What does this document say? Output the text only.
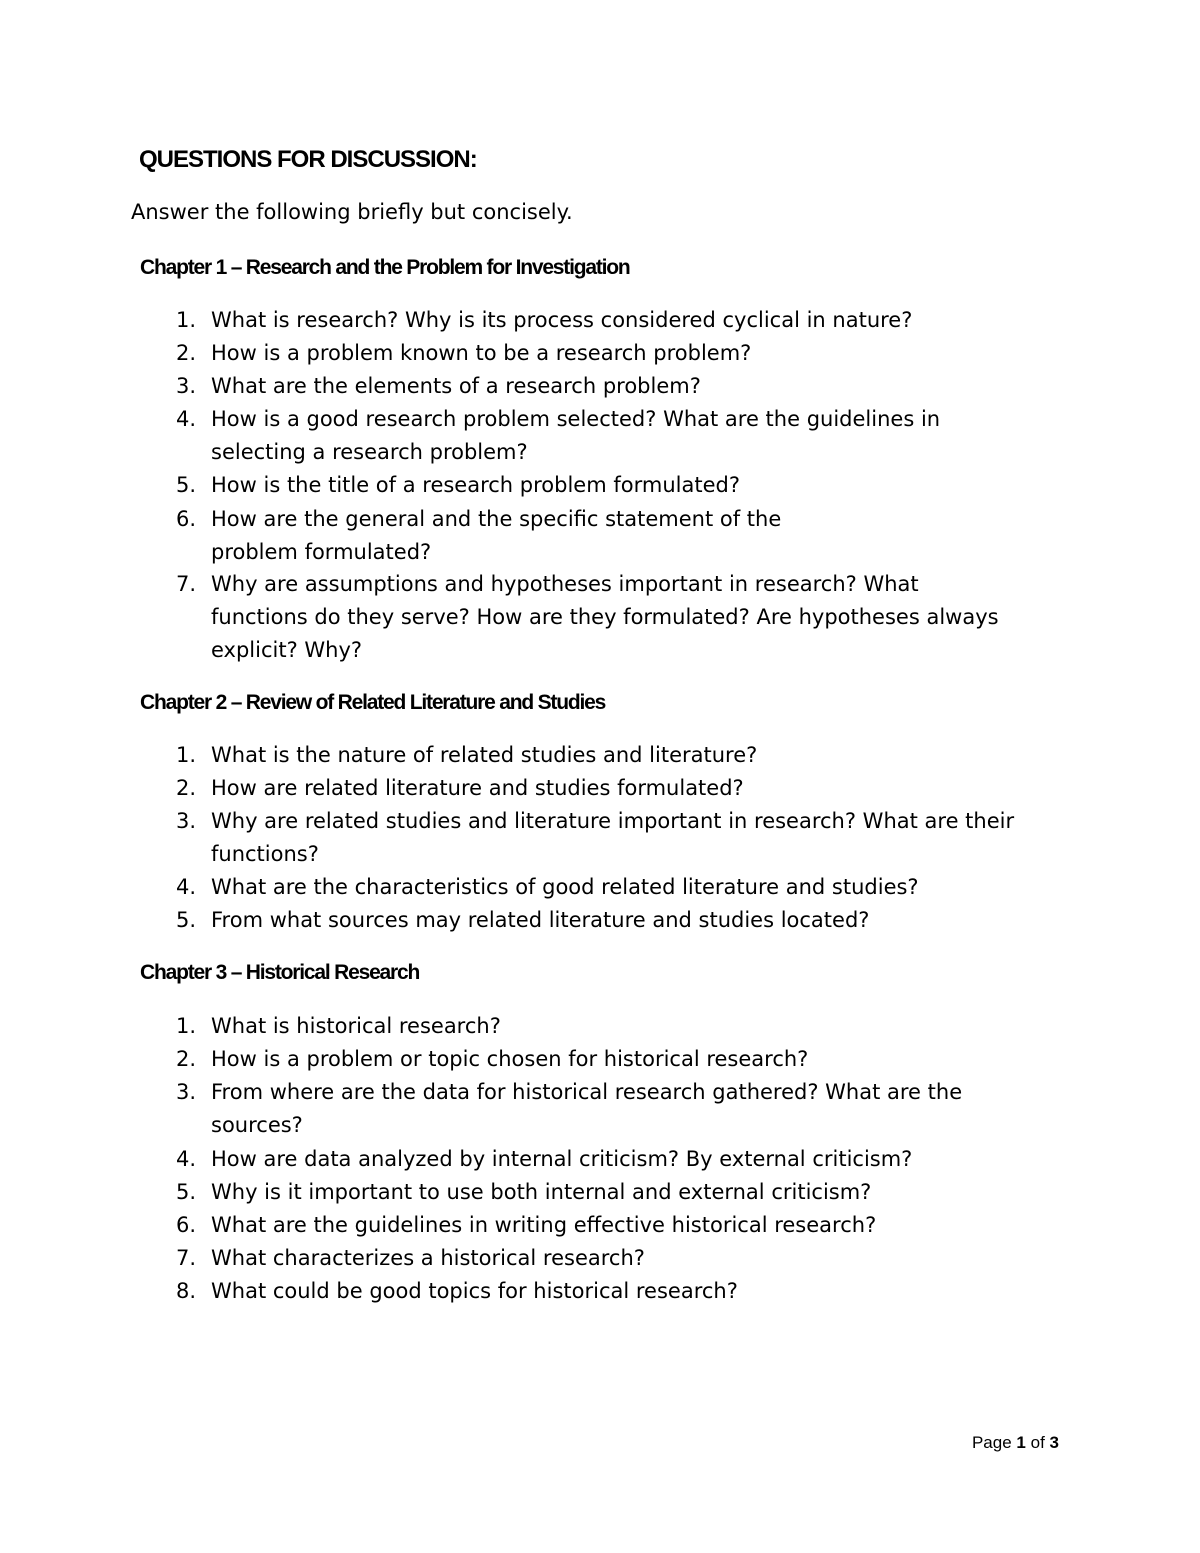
QUESTIONS FOR DISCUSSION:
Answer the following briefly but concisely.
Chapter 1 – Research and the Problem for Investigation
1. What is research? Why is its process considered cyclical in nature?
2. How is a problem known to be a research problem?
3. What are the elements of a research problem?
4. How is a good research problem selected? What are the guidelines in selecting a research problem?
5. How is the title of a research problem formulated?
6. How are the general and the specific statement of the problem formulated?
7. Why are assumptions and hypotheses important in research? What functions do they serve? How are they formulated? Are hypotheses always explicit? Why?
Chapter 2 – Review of Related Literature and Studies
1. What is the nature of related studies and literature?
2. How are related literature and studies formulated?
3. Why are related studies and literature important in research? What are their functions?
4. What are the characteristics of good related literature and studies?
5. From what sources may related literature and studies located?
Chapter 3 – Historical Research
1. What is historical research?
2. How is a problem or topic chosen for historical research?
3. From where are the data for historical research gathered? What are the sources?
4. How are data analyzed by internal criticism? By external criticism?
5. Why is it important to use both internal and external criticism?
6. What are the guidelines in writing effective historical research?
7. What characterizes a historical research?
8. What could be good topics for historical research?
Page 1 of 3
